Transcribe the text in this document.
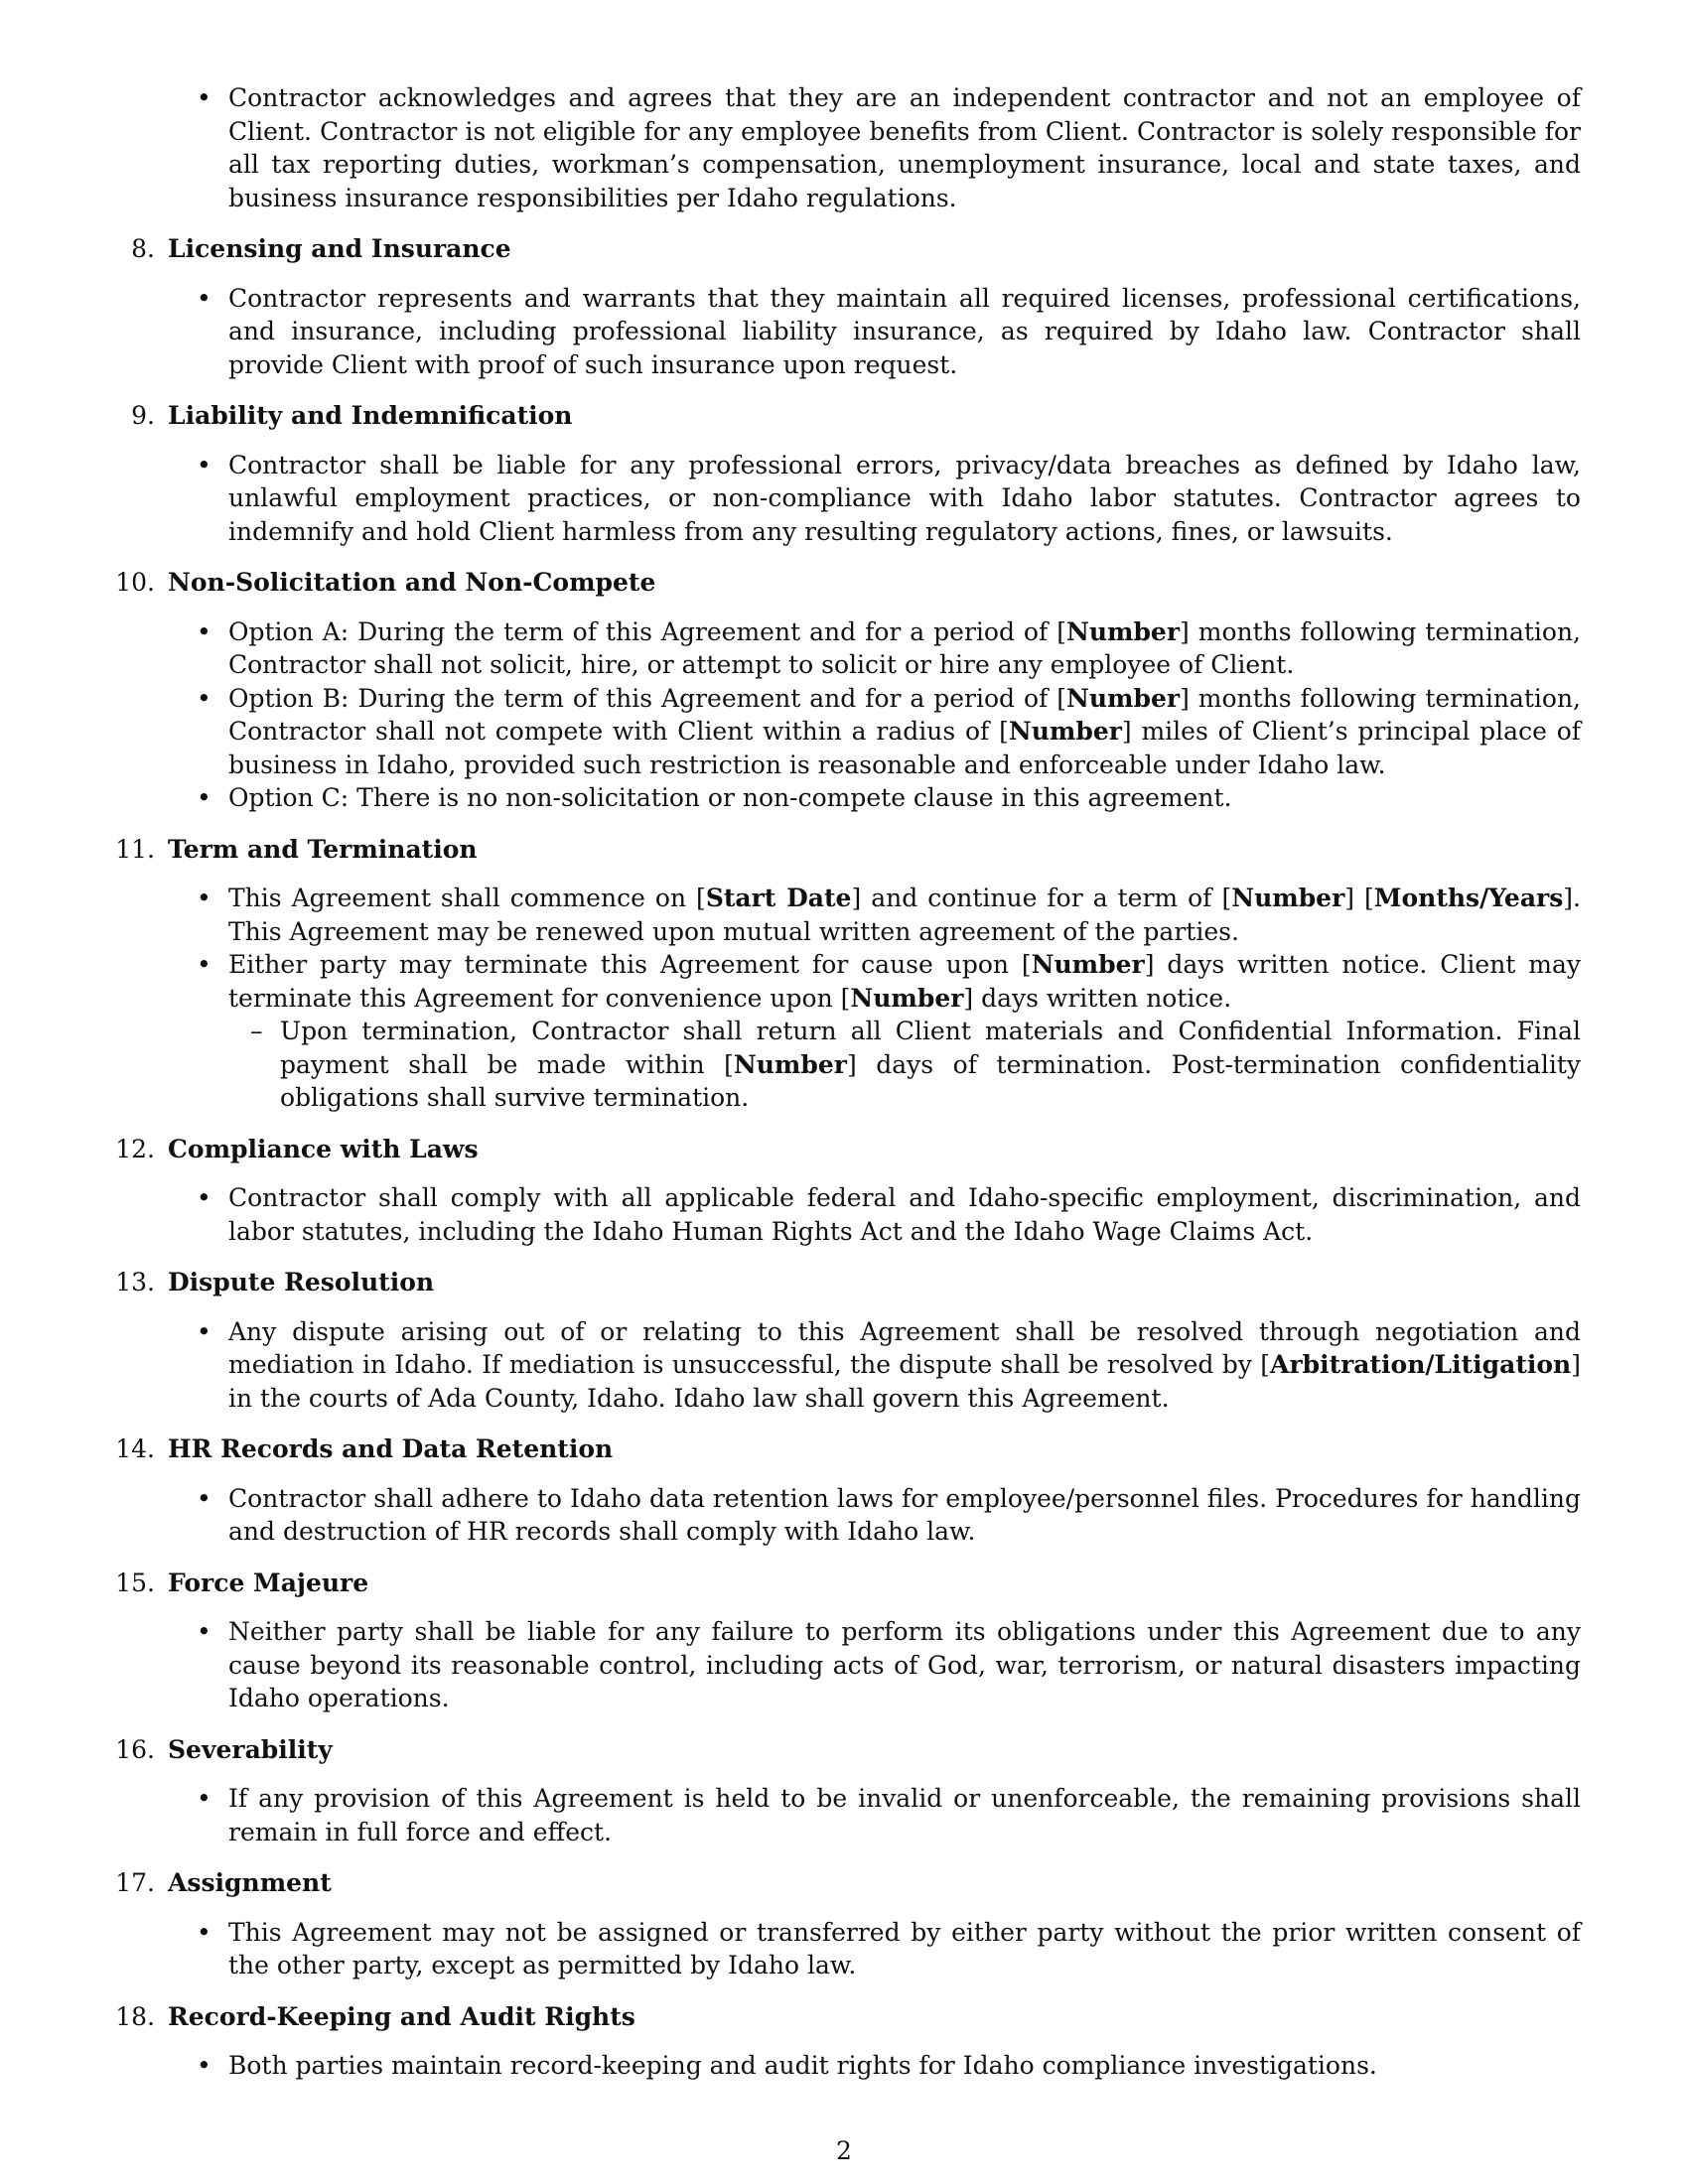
• Contractor acknowledges and agrees that they are an independent contractor and not an employee of Client. Contractor is not eligible for any employee benefits from Client. Contractor is solely responsible for all tax reporting duties, workman’s compensation, unemployment insurance, local and state taxes, and business insurance responsibilities per Idaho regulations.
8. Licensing and Insurance
• Contractor represents and warrants that they maintain all required licenses, professional certifications, and insurance, including professional liability insurance, as required by Idaho law. Contractor shall provide Client with proof of such insurance upon request.
9. Liability and Indemnification
• Contractor shall be liable for any professional errors, privacy/data breaches as defined by Idaho law, unlawful employment practices, or non-compliance with Idaho labor statutes. Contractor agrees to indemnify and hold Client harmless from any resulting regulatory actions, fines, or lawsuits.
10. Non-Solicitation and Non-Compete
• Option A: During the term of this Agreement and for a period of [Number] months following termination, Contractor shall not solicit, hire, or attempt to solicit or hire any employee of Client.
• Option B: During the term of this Agreement and for a period of [Number] months following termination, Contractor shall not compete with Client within a radius of [Number] miles of Client’s principal place of business in Idaho, provided such restriction is reasonable and enforceable under Idaho law.
• Option C: There is no non-solicitation or non-compete clause in this agreement.
11. Term and Termination
• This Agreement shall commence on [Start Date] and continue for a term of [Number] [Months/Years]. This Agreement may be renewed upon mutual written agreement of the parties.
• Either party may terminate this Agreement for cause upon [Number] days written notice. Client may terminate this Agreement for convenience upon [Number] days written notice.
– Upon termination, Contractor shall return all Client materials and Confidential Information. Final payment shall be made within [Number] days of termination. Post-termination confidentiality obligations shall survive termination.
12. Compliance with Laws
• Contractor shall comply with all applicable federal and Idaho-specific employment, discrimination, and labor statutes, including the Idaho Human Rights Act and the Idaho Wage Claims Act.
13. Dispute Resolution
• Any dispute arising out of or relating to this Agreement shall be resolved through negotiation and mediation in Idaho. If mediation is unsuccessful, the dispute shall be resolved by [Arbitration/Litigation] in the courts of Ada County, Idaho. Idaho law shall govern this Agreement.
14. HR Records and Data Retention
• Contractor shall adhere to Idaho data retention laws for employee/personnel files. Procedures for handling and destruction of HR records shall comply with Idaho law.
15. Force Majeure
• Neither party shall be liable for any failure to perform its obligations under this Agreement due to any cause beyond its reasonable control, including acts of God, war, terrorism, or natural disasters impacting Idaho operations.
16. Severability
• If any provision of this Agreement is held to be invalid or unenforceable, the remaining provisions shall remain in full force and effect.
17. Assignment
• This Agreement may not be assigned or transferred by either party without the prior written consent of the other party, except as permitted by Idaho law.
18. Record-Keeping and Audit Rights
• Both parties maintain record-keeping and audit rights for Idaho compliance investigations.
2
